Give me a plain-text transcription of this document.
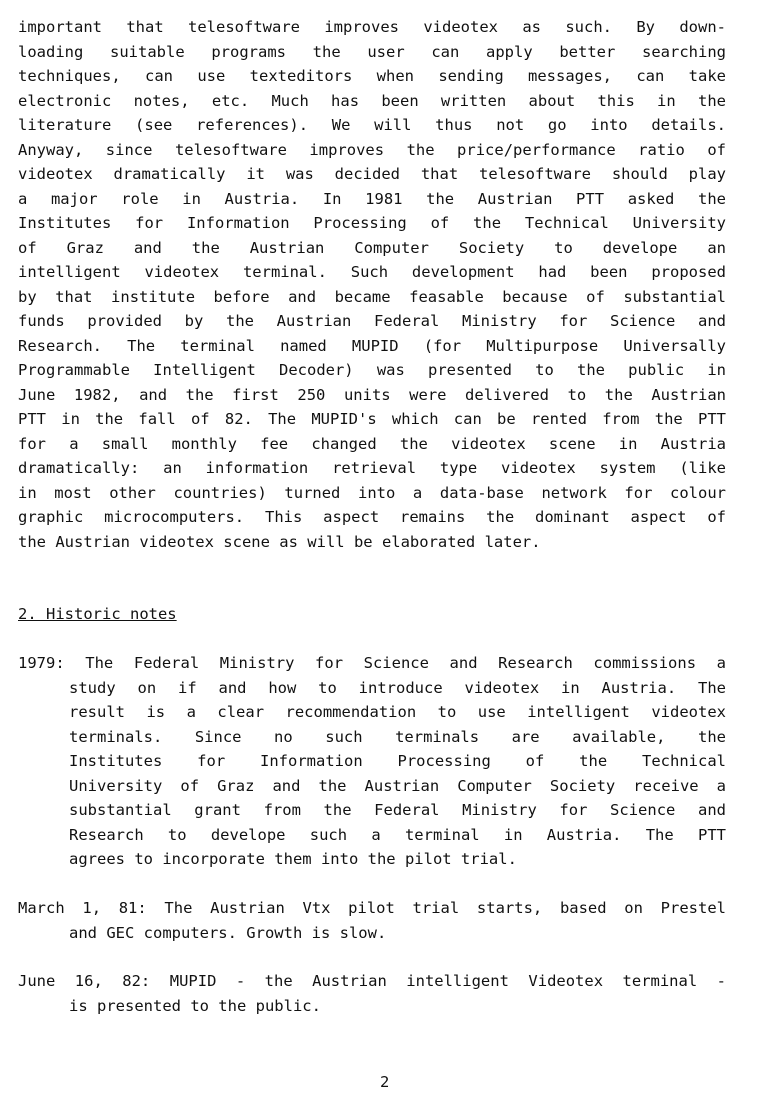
important that telesoftware improves videotex as such. By down-
loading suitable programs the user can apply better searching
techniques, can use texteditors when sending messages, can take
electronic notes, etc. Much has been written about this in the
literature (see references). We will thus not go into details.
Anyway, since telesoftware improves the price/performance ratio of
videotex dramatically it was decided that telesoftware should play
a major role in Austria. In 1981 the Austrian PTT asked the
Institutes for Information Processing of the Technical University
of Graz and the Austrian Computer Society to develope an
intelligent videotex terminal. Such development had been proposed
by that institute before and became feasable because of substantial
funds provided by the Austrian Federal Ministry for Science and
Research. The terminal named MUPID (for Multipurpose Universally
Programmable Intelligent Decoder) was presented to the public in
June 1982, and the first 250 units were delivered to the Austrian
PTT in the fall of 82. The MUPID's which can be rented from the PTT
for a small monthly fee changed the videotex scene in Austria
dramatically: an information retrieval type videotex system (like
in most other countries) turned into a data-base network for colour
graphic microcomputers. This aspect remains the dominant aspect of
the Austrian videotex scene as will be elaborated later.
2. Historic notes
1979: The Federal Ministry for Science and Research commissions a
study on if and how to introduce videotex in Austria. The
result is a clear recommendation to use intelligent videotex
terminals. Since no such terminals are available, the
Institutes for Information Processing of the Technical
University of Graz and the Austrian Computer Society receive a
substantial grant from the Federal Ministry for Science and
Research to develope such a terminal in Austria. The PTT
agrees to incorporate them into the pilot trial.
March 1, 81: The Austrian Vtx pilot trial starts, based on Prestel
and GEC computers. Growth is slow.
June 16, 82: MUPID - the Austrian intelligent Videotex terminal -
is presented to the public.

2
